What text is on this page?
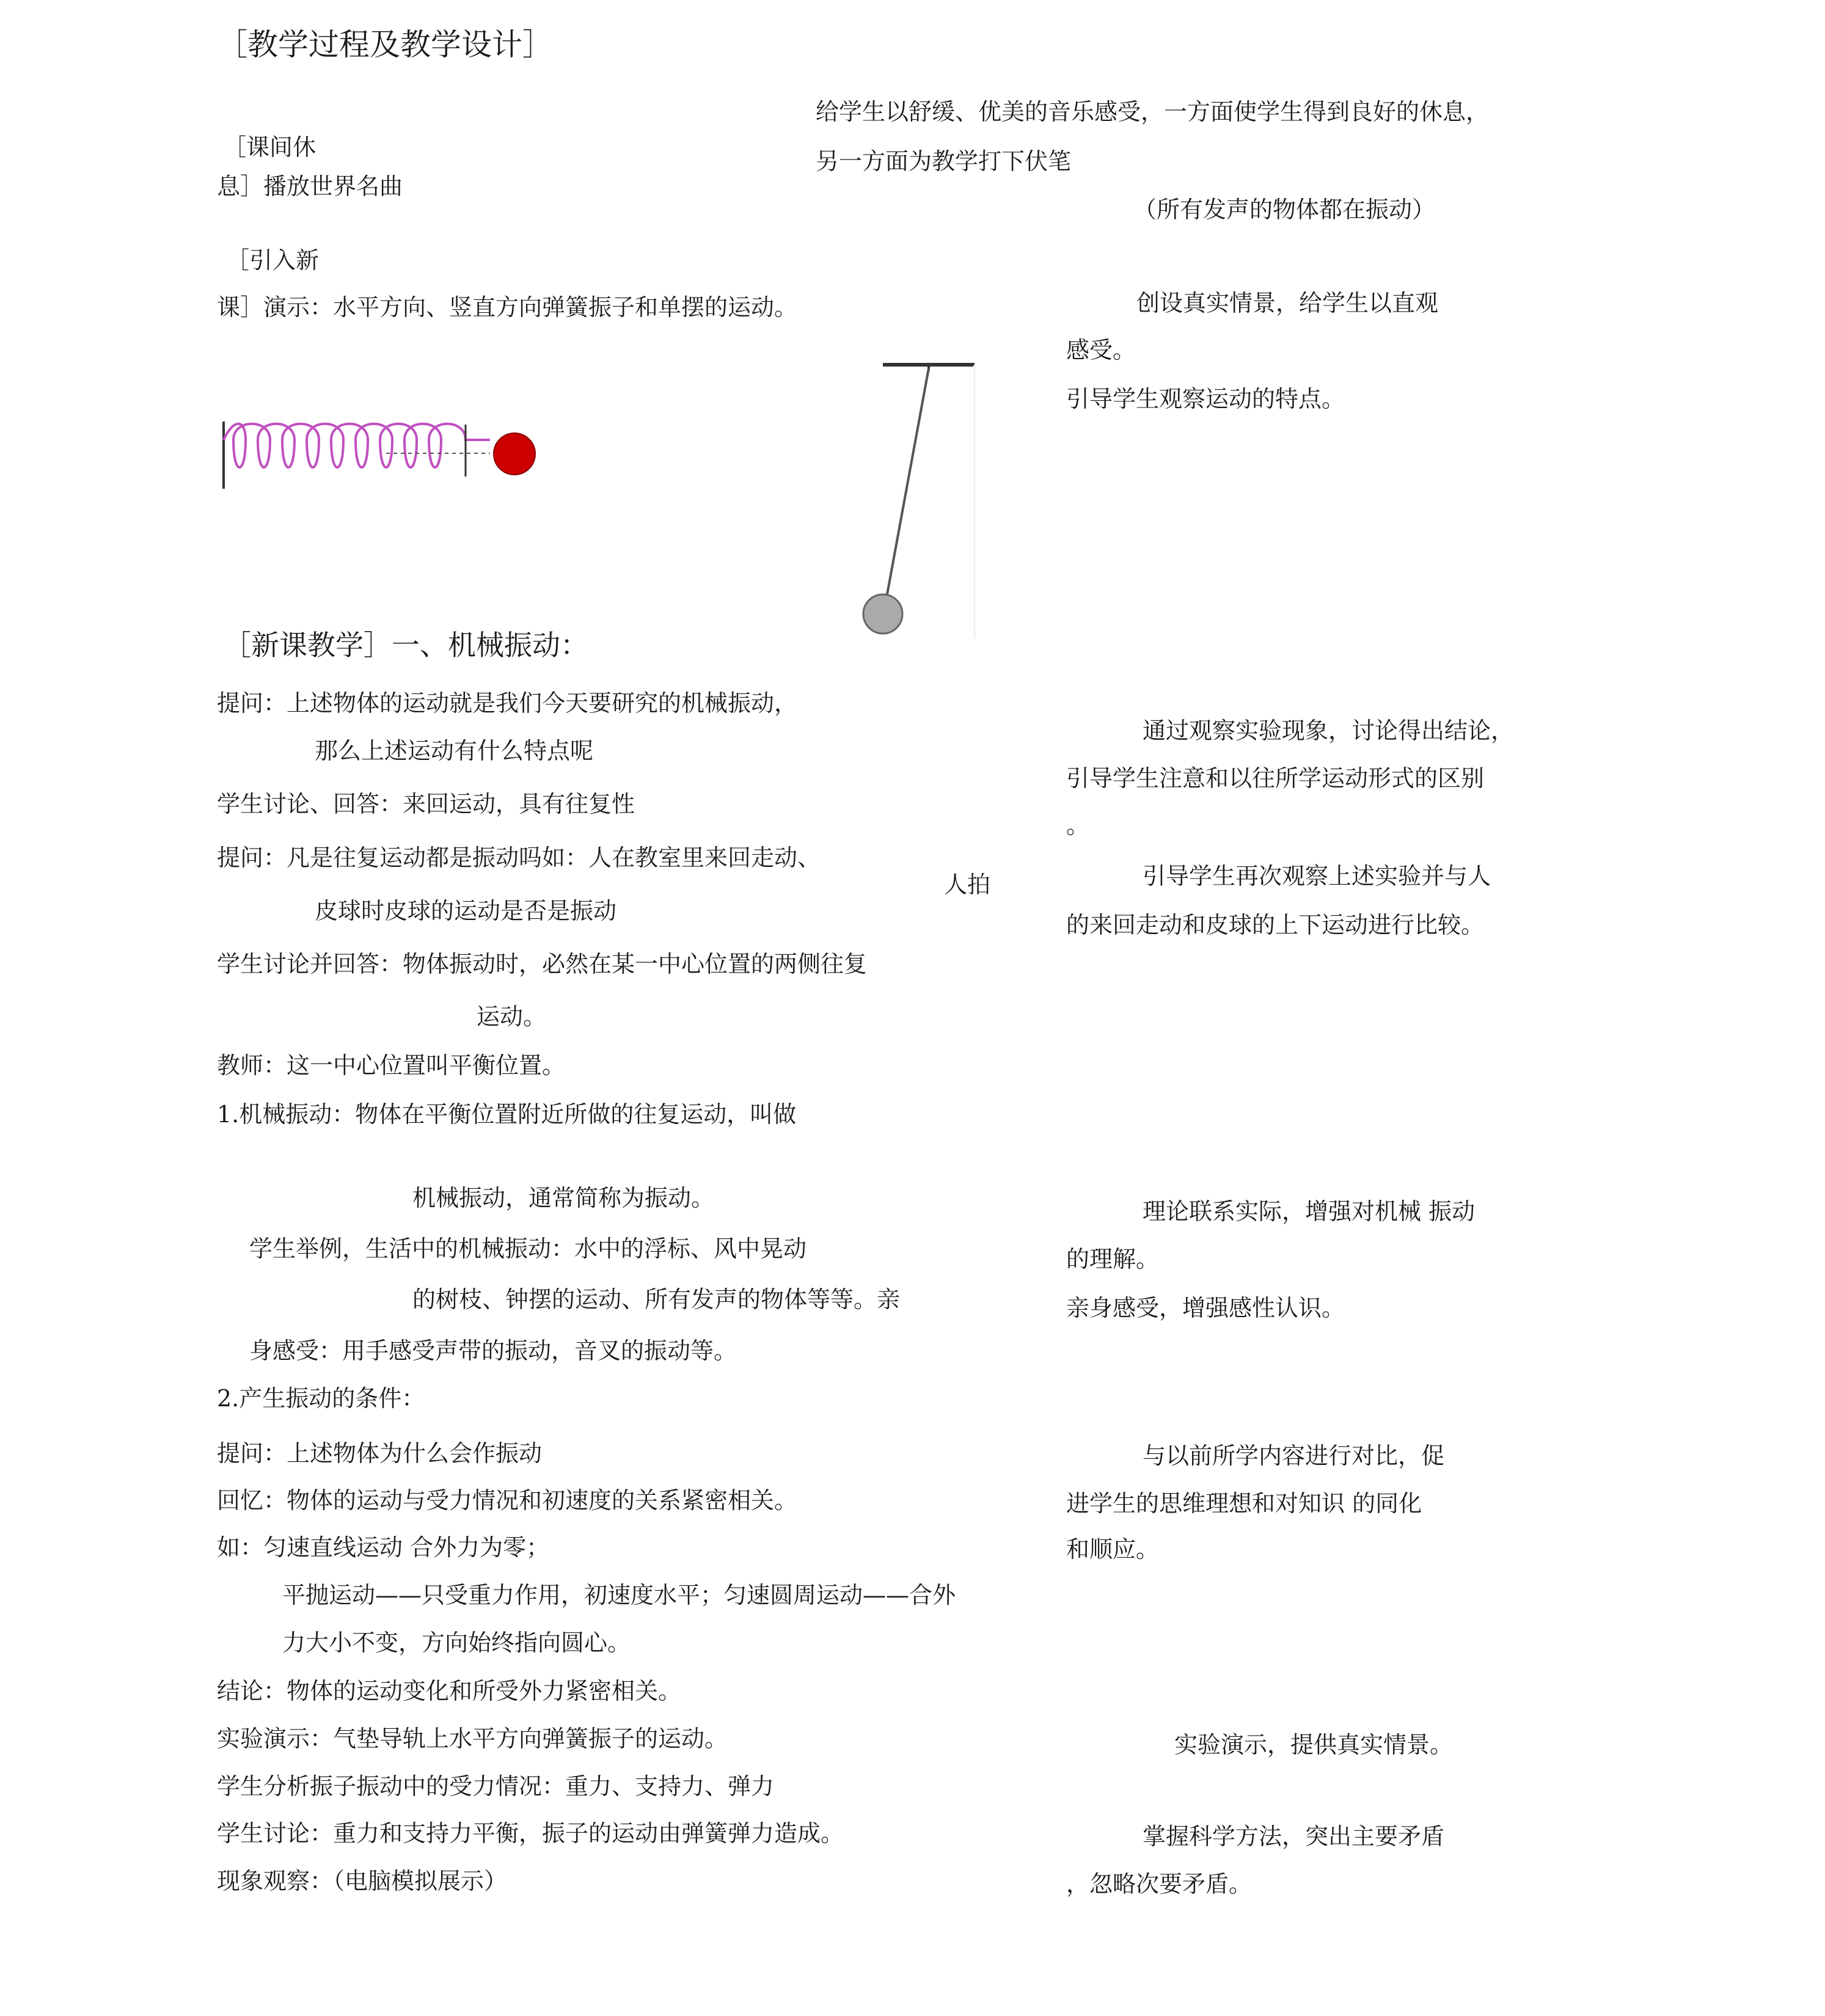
［教学过程及教学设计］
［课间休
息］播放世界名曲
［引入新
课］演示：水平方向、竖直方向弹簧振子和单摆的运动。
［新课教学］一、机械振动：
提问：上述物体的运动就是我们今天要研究的机械振动，
那么上述运动有什么特点呢
学生讨论、回答：来回运动，具有往复性
提问：凡是往复运动都是振动吗如：人在教室里来回走动、
人拍
皮球时皮球的运动是否是振动
学生讨论并回答：物体振动时，必然在某一中心位置的两侧往复
运动。
教师：这一中心位置叫平衡位置。
1.机械振动：物体在平衡位置附近所做的往复运动，叫做
机械振动，通常简称为振动。
学生举例，生活中的机械振动：水中的浮标、风中晃动
的树枝、钟摆的运动、所有发声的物体等等。亲
身感受：用手感受声带的振动，音叉的振动等。
2.产生振动的条件：
提问：上述物体为什么会作振动
回忆：物体的运动与受力情况和初速度的关系紧密相关。
如：匀速直线运动 合外力为零；
平抛运动——只受重力作用，初速度水平；匀速圆周运动——合外
力大小不变，方向始终指向圆心。
结论：物体的运动变化和所受外力紧密相关。
实验演示：气垫导轨上水平方向弹簧振子的运动。
学生分析振子振动中的受力情况：重力、支持力、弹力
学生讨论：重力和支持力平衡，振子的运动由弹簧弹力造成。
现象观察：（电脑模拟展示）
给学生以舒缓、优美的音乐感受，一方面使学生得到良好的休息，
另一方面为教学打下伏笔
（所有发声的物体都在振动）
创设真实情景，给学生以直观
感受。
引导学生观察运动的特点。
通过观察实验现象，讨论得出结论，
引导学生注意和以往所学运动形式的区别
。
引导学生再次观察上述实验并与人
的来回走动和皮球的上下运动进行比较。
理论联系实际，增强对机械 振动
的理解。
亲身感受，增强感性认识。
与以前所学内容进行对比，促
进学生的思维理想和对知识 的同化
和顺应。
实验演示，提供真实情景。
掌握科学方法，突出主要矛盾
，忽略次要矛盾。
